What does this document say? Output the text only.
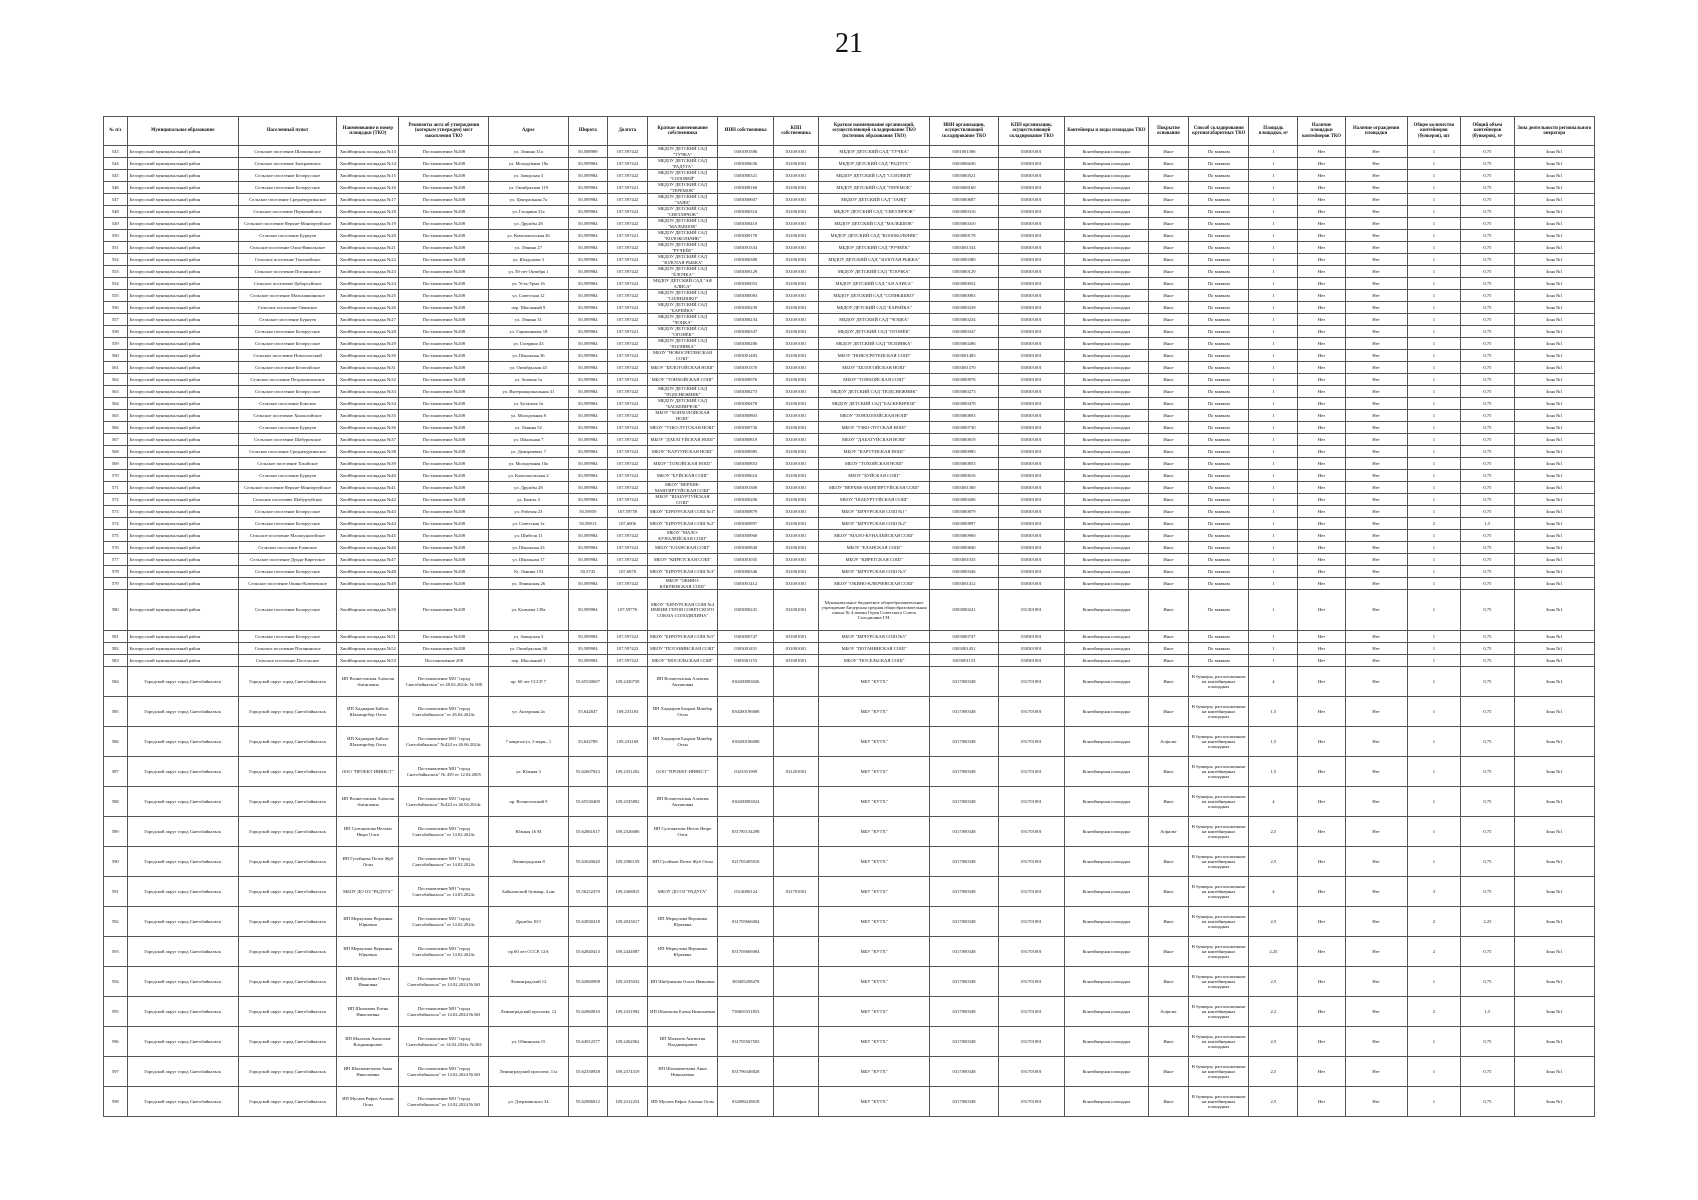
21
№ п/з	Муниципальное образование	Населенный пункт	Наименование и номер площадки (ТКО)	Реквизиты акта об утверждении (которым утвержден) мест накопления ТКО	Адрес	Широта	Долгота	Краткое наименование собственника	ИНН собственника	КПП собственника	Краткое наименование организаций, осуществляющей складирование ТКО (источник образования ТКО)	ИНН организации, осуществляющей складирование ТКО	КПП организации, осуществляющей складирование ТКО	Контейнеры и виды площадок ТКО	Покрытие основания	Способ складирования крупногабаритных ТКО	Площадь площадки, м²	Наличие площадки контейнеров ТКО	Наличие ограждения площадки	Общее количество контейнеров (бункеров), шт	Общий объем контейнеров (бункеров), м³	Зона деятельности регионального оператора
543	Белорусский муниципальный район	Сельское поселение Шапшинское	Хвойбирская площадка №13	Постановление №208	ул. Ленина 31а	50,588989	107,597422	МБДОУ ДЕТСКИЙ САД "ТУЧКА"	0301001586	031001001	МБДОУ ДЕТСКИЙ САД "ТУЧКА"	0301001586	030301001	Контейнерная площадка	Иное	По заявкам	1	Нет	Нет	1	0,75	Зона №1
544	Белорусский муниципальный район	Сельское поселение Заиграевское	Хвойбирская площадка №14	Постановление №208	ул. Молодёжная 18а	50,589984	107,597422	МБДОУ ДЕТСКИЙ САД "РАДУГА"	0303006636	031001001	МБДОУ ДЕТСКИЙ САД "РАДУГА"	0303006636	030301001	Контейнерная площадка	Иное	По заявкам	1	Нет	Нет	1	0,75	Зона №1
545	Белорусский муниципальный район	Сельское поселение Белорусское	Хвойбирская площадка №15	Постановление №208	ул. Заводская 3	50,589984	107,597422	МБДОУ ДЕТСКИЙ САД "СОЛОВЕЙ"	0303000521	031001001	МБДОУ ДЕТСКИЙ САД "СОЛОВЕЙ"	0303000521	030301001	Контейнерная площадка	Иное	По заявкам	1	Нет	Нет	1	0,75	Зона №1
546	Белорусский муниципальный район	Сельское поселение Белорусское	Хвойбирская площадка №16	Постановление №208	ул. Октябрьская 119	50,589984	107,597421	МБДОУ ДЕТСКИЙ САД "ТЕРЕМОК"	0303008160	031001001	МБДОУ ДЕТСКИЙ САД "ТЕРЕМОК"	0303008160	030301001	Контейнерная площадка	Иное	По заявкам	1	Нет	Нет	1	0,75	Зона №1
547	Белорусский муниципальный район	Сельское поселение Среднекуртинское	Хвойбирская площадка №17	Постановление №208	ул. Центральная 7а	50,589984	107,597422	МБДОУ ДЕТСКИЙ САД "ЗАЯЦ"	0303000607	031001001	МБДОУ ДЕТСКИЙ САД "ЗАЯЦ"	0303000607	030301001	Контейнерная площадка	Иное	По заявкам	1	Нет	Нет	1	0,75	Зона №1
548	Белорусский муниципальный район	Сельское поселение Первомайское	Хвойбирская площадка №18	Постановление №208	ул. Гагарина 31а	50,589984	107,597422	МБДОУ ДЕТСКИЙ САД "СВЕТЛЯЧОК"	0303000316	031001001	МБДОУ ДЕТСКИЙ САД "СВЕТЛЯЧОК"	0303000316	030301001	Контейнерная площадка	Иное	По заявкам	1	Нет	Нет	1	0,75	Зона №1
549	Белорусский муниципальный район	Сельское поселение Верхне-Мангиртуйское	Хвойбирская площадка №19	Постановление №208	ул. Дружбы 28	50,589984	107,597422	МБДОУ ДЕТСКИЙ САД "МАЛЫШОК"	0303000410	031001001	МБДОУ ДЕТСКИЙ САД "МАЛЫШОК"	0303000410	030301001	Контейнерная площадка	Иное	По заявкам	1	Нет	Нет	1	0,75	Зона №1
550	Белорусский муниципальный район	Сельское поселение Бурнуев	Хвойбирская площадка №20	Постановление №208	ул. Комсомольская 26	50,589984	107,597421	МБДОУ ДЕТСКИЙ САД "КОЛОКОЛЬЧИК"	0303000178	031001001	МБДОУ ДЕТСКИЙ САД "КОЛОКОЛЬЧИК"	0303000178	030301001	Контейнерная площадка	Иное	По заявкам	1	Нет	Нет	1	0,75	Зона №1
551	Белорусский муниципальный район	Сельское поселение Олон-Никольское	Хвойбирская площадка №21	Постановление №208	ул. Ленина 27	50,589984	107,597422	МБДОУ ДЕТСКИЙ САД "РУЧЕЁК"	0303001334	031001001	МБДОУ ДЕТСКИЙ САД "РУЧЕЁК"	0303001334	030301001	Контейнерная площадка	Иное	По заявкам	1	Нет	Нет	1	0,75	Зона №1
552	Белорусский муниципальный район	Сельское поселение Тонхоийское	Хвойбирская площадка №22	Постановление №208	ул. Юндунова 3	50,589984	107,597422	МБДОУ ДЕТСКИЙ САД "ЗОЛОТАЯ РЫБКА"	0303000380	031001001	МБДОУ ДЕТСКИЙ САД "ЗОЛОТАЯ РЫБКА"	0303000380	030301001	Контейнерная площадка	Иное	По заявкам	1	Нет	Нет	1	0,75	Зона №1
553	Белорусский муниципальный район	Сельское поселение Потанинское	Хвойбирская площадка №23	Постановление №208	ул. 50-лет Октября 1	50,589984	107,597422	МБДОУ ДЕТСКИЙ САД "ЁЛОЧКА"	0303000129	031001001	МБДОУ ДЕТСКИЙ САД "ЁЛОЧКА"	0303000129	030301001	Контейнерная площадка	Иное	По заявкам	1	Нет	Нет	1	0,75	Зона №1
554	Белорусский муниципальный район	Сельское поселение Цаборгуйское	Хвойбирская площадка №24	Постановление №208	ул. Усть-Урма 16	50,589984	107,597422	МБДОУ ДЕТСКИЙ САД "АЯ АЛИСА"	0303000052	031001001	МБДОУ ДЕТСКИЙ САД "АЯ АЛИСА"	0303000052	030301001	Контейнерная площадка	Иное	По заявкам	1	Нет	Нет	1	0,75	Зона №1
555	Белорусский муниципальный район	Сельское поселение Мальхавшинское	Хвойбирская площадка №25	Постановление №208	ул. Советская 12	50,589984	107,597422	МБДОУ ДЕТСКИЙ САД "СОЛНЫШКО"	0303000083	031001001	МБДОУ ДЕТСКИЙ САД "СОЛНЫШКО"	0303000083	030301001	Контейнерная площадка	Иное	По заявкам	1	Нет	Нет	1	0,75	Зона №1
556	Белорусский муниципальный район	Сельское поселение Окинское	Хвойбирская площадка №26	Постановление №208	пер. Школьный 9	50,589984	107,597422	МБДОУ ДЕТСКИЙ САД "БАРЕЙКА"	0303000239	031001001	МБДОУ ДЕТСКИЙ САД "БАРЕЙКА"	0303000239	030301001	Контейнерная площадка	Иное	По заявкам	1	Нет	Нет	1	0,75	Зона №1
557	Белорусский муниципальный район	Сельское поселение Бурнуев	Хвойбирская площадка №27	Постановление №208	ул. Ленина 31	50,589984	107,597422	МБДОУ ДЕТСКИЙ САД "ЧОЦКА"	0303000234	031001001	МБДОУ ДЕТСКИЙ САД "ЧОЦКА"	0303000234	030301001	Контейнерная площадка	Иное	По заявкам	1	Нет	Нет	1	0,75	Зона №1
558	Белорусский муниципальный район	Сельское поселение Белорусское	Хвойбирская площадка №28	Постановление №208	ул. Гармоникова 18	50,589984	107,597421	МБДОУ ДЕТСКИЙ САД "ОГОНЁК"	0303000347	031001001	МБДОУ ДЕТСКИЙ САД "ОГОНЁК"	0303000347	030301001	Контейнерная площадка	Иное	По заявкам	1	Нет	Нет	1	0,75	Зона №1
559	Белорусский муниципальный район	Сельское поселение Белорусское	Хвойбирская площадка №29	Постановление №208	ул. Гагарина 43	50,589984	107,597422	МБДОУ ДЕТСКИЙ САД "ПОЛЯНКА"	0303000286	031001001	МБДОУ ДЕТСКИЙ САД "ПОЛЯНКА"	0303000286	030301001	Контейнерная площадка	Иное	По заявкам	1	Нет	Нет	1	0,75	Зона №1
560	Белорусский муниципальный район	Сельское поселение Новоспасский	Хвойбирская площадка №30	Постановление №208	ул. Школьная 36	50,589984	107,597422	МБОУ "НОВОСРЕТЕНСКАЯ СОШ"	0303001483	031001001	МБОУ "НОВОСРЕТЕНСКАЯ СОШ"	0303001483	030301001	Контейнерная площадка	Иное	По заявкам	1	Нет	Нет	1	0,75	Зона №1
561	Белорусский муниципальный район	Сельское поселение Белогойское	Хвойбирская площадка №31	Постановление №208	ул. Октябрьская 43	50,589984	107,597422	МБОУ "БЕЛОГОЙСКАЯ НОШ"	0303001370	031001001	МБОУ "БЕЛОГОЙСКАЯ НОШ"	0303001370	030301001	Контейнерная площадка	Иное	По заявкам	1	Нет	Нет	1	0,75	Зона №1
562	Белорусский муниципальный район	Сельское поселение Петропавловское	Хвойбирская площадка №32	Постановление №208	ул. Зеленая 1а	50,589984	107,597422	МБОУ "ТОНХОЙСКАЯ СОШ"	0303000976	031001001	МБОУ "ТОНХОЙСКАЯ СОШ"	0303000976	030301001	Контейнерная площадка	Иное	По заявкам	1	Нет	Нет	1	0,75	Зона №1
563	Белорусский муниципальный район	Сельское поселение Белорусское	Хвойбирская площадка №33	Постановление №208	ул. Интернациональная 31	50,589984	107,597422	МБДОУ ДЕТСКИЙ САД "ПОДСНЕЖНИК"	0303000273	031001001	МБДОУ ДЕТСКИЙ САД "ПОДСНЕЖНИК"	0303000273	030301001	Контейнерная площадка	Иное	По заявкам	1	Нет	Нет	1	0,75	Зона №1
564	Белорусский муниципальный район	Сельское поселение Бомское	Хвойбирская площадка №34	Постановление №208	ул. Бутаская 1в	50,589984	107,597422	МБДОУ ДЕТСКИЙ САД "БАСКЕВИЧОК"	0303000478	031001001	МБДОУ ДЕТСКИЙ САД "БАСКЕВИЧОК"	0303000478	030301001	Контейнерная площадка	Иное	По заявкам	1	Нет	Нет	1	0,75	Зона №1
565	Белорусский муниципальный район	Сельское поселение Хонхолойское	Хвойбирская площадка №35	Постановление №208	ул. Молодежная 8	50,589984	107,597422	МБОУ "ХОНХОЛОЙСКАЯ НОШ"	0303000803	031001001	МБОУ "ХОНХОЛОЙСКАЯ НОШ"	0303000803	030301001	Контейнерная площадка	Иное	По заявкам	1	Нет	Нет	1	0,75	Зона №1
566	Белорусский муниципальный район	Сельское поселение Бурнуев	Хвойбирская площадка №36	Постановление №208	ул. Ленина 52	50,589984	107,597422	МБОУ "УЗКО-ЛУГСКАЯ НОШ"	0303000730	031001001	МБОУ "УЗКО-ЛУГСКАЯ НОШ"	0303000730	030301001	Контейнерная площадка	Иное	По заявкам	1	Нет	Нет	1	0,75	Зона №1
567	Белорусский муниципальный район	Сельское поселение Шабуровское	Хвойбирская площадка №37	Постановление №208	ул. Школьная 7	50,589984	107,597422	МБОУ "ДАБАТУЙСКАЯ НОШ"	0303000819	031001001	МБОУ "ДАБАТУЙСКАЯ НОШ"	0303000819	030301001	Контейнерная площадка	Иное	По заявкам	1	Нет	Нет	1	0,75	Зона №1
568	Белорусский муниципальный район	Сельское поселение Среднекуртинское	Хвойбирская площадка №38	Постановление №208	ул. Дмитриевых 7	50,589984	107,597422	МБОУ "КАРТУНСКАЯ НОШ"	0303000985	031001001	МБОУ "КАРТУНСКАЯ НОШ"	0303000985	030301001	Контейнерная площадка	Иное	По заявкам	1	Нет	Нет	1	0,75	Зона №1
569	Белорусский муниципальный район	Сельское поселение Тохойское	Хвойбирская площадка №39	Постановление №208	ул. Молодежная 10а	50,589984	107,597422	МБОУ "ТОХОЙСКАЯ НОШ"	0303000853	031001001	МБОУ "ТОХОЙСКАЯ НОШ"	0303000853	030301001	Контейнерная площадка	Иное	По заявкам	1	Нет	Нет	1	0,75	Зона №1
570	Белорусский муниципальный район	Сельское поселение Бурнуев	Хвойбирская площадка №40	Постановление №208	ул. Комсомольская 2	50,589984	107,597422	МБОУ "БУЙСКАЯ СОШ"	0303000616	031001001	МБОУ "БУЙСКАЯ СОШ"	0303000616	030301001	Контейнерная площадка	Иное	По заявкам	1	Нет	Нет	1	0,75	Зона №1
571	Белорусский муниципальный район	Сельское поселение Верхне-Мангиртуйское	Хвойбирская площадка №41	Постановление №208	ул. Дружбы 28	50,589984	107,597422	МБОУ "ВЕРХНЕ-МАНГИРТУЙСКАЯ СОШ"	0303001300	031001001	МБОУ "ВЕРХНЕ-МАНГИРТУЙСКАЯ СОШ"	0303001300	030301001	Контейнерная площадка	Иное	По заявкам	1	Нет	Нет	1	0,75	Зона №1
572	Белорусский муниципальный район	Сельское поселение Шабуртуйское	Хвойбирская площадка №42	Постановление №208	ул. Бамгы 4	50,589984	107,597422	МБОУ "ШАБУРТУЙСКАЯ СОШ"	0303000206	031001001	МБОУ "ШАБУРТУЙСКАЯ СОШ"	0303000206	030301001	Контейнерная площадка	Иное	По заявкам	1	Нет	Нет	1	0,75	Зона №1
573	Белорусский муниципальный район	Сельское поселение Белорусское	Хвойбирская площадка №43	Постановление №208	ул. Рабочая 23	50,58959	107,59759	МБОУ "БИЧУРСКАЯ СОШ №1"	0303000879	031001001	МБОУ "БИЧУРСКАЯ СОШ №1"	0303000879	030301001	Контейнерная площадка	Иное	По заявкам	1	Нет	Нет	1	0,75	Зона №1
574	Белорусский муниципальный район	Сельское поселение Белорусское	Хвойбирская площадка №44	Постановление №208	ул. Советская 1а	50,58913	107,6006	МБОУ "БИЧУРСКАЯ СОШ №2"	0303000897	031001001	МБОУ "БИЧУРСКАЯ СОШ №2"	0303000897	030301001	Контейнерная площадка	Иное	По заявкам	1	Нет	Нет	2	1,5	Зона №1
575	Белорусский муниципальный район	Сельское поселение Малокуналейское	Хвойбирская площадка №45	Постановление №208	ул. Шибеля 11	50,589984	107,597422	МБОУ "МАЛО-КУНАЛЕЙСКАЯ СОШ"	0303000960	031001001	МБОУ "МАЛО-КУНАЛЕЙСКАЯ СОШ"	0303000960	030301001	Контейнерная площадка	Иное	По заявкам	1	Нет	Нет	1	0,75	Зона №1
576	Белорусский муниципальный район	Сельское поселение Еланское	Хвойбирская площадка №46	Постановление №208	ул. Школьная 23	50,589984	107,597422	МБОУ "ЕЛАНСКАЯ СОШ"	0303000840	031001001	МБОУ "ЕЛАНСКАЯ СОШ"	0303000840	030301001	Контейнерная площадка	Иное	По заявкам	1	Нет	Нет	1	0,75	Зона №1
577	Белорусский муниципальный район	Сельское поселение Дунда-Киретское	Хвойбирская площадка №47	Постановление №208	ул. Школьная 17	50,589984	107,597422	МБОУ "КИРЕТСКАЯ СОШ"	0303001035	031001001	МБОУ "КИРЕТСКАЯ СОШ"	0303001035	030301001	Контейнерная площадка	Иное	По заявкам	1	Нет	Нет	1	0,75	Зона №1
578	Белорусский муниципальный район	Сельское поселение Белорусское	Хвойбирская площадка №48	Постановление №208	Ул. Ленина 153	50,5745	107,6078	МБОУ "БИЧУРСКАЯ СОШ №3"	0303000346	031001001	МБОУ "БИЧУРСКАЯ СОШ №3"	0303000346	030301001	Контейнерная площадка	Иное	По заявкам	1	Нет	Нет	1	0,75	Зона №1
579	Белорусский муниципальный район	Сельское поселение Окино-Ключевское	Хвойбирская площадка №49	Постановление №208	ул. Ленинская 26	50,589984	107,597422	МБОУ "ОКИНО-КЛЮЧЕВСКАЯ СОШ"	0303001412	031001001	МБОУ "ОКИНО-КЛЮЧЕВСКАЯ СОШ"	0303001412	030301001	Контейнерная площадка	Иное	По заявкам	1	Нет	Нет	1	0,75	Зона №1
580	Белорусский муниципальный район	Сельское поселение Белорусское	Хвойбирская площадка №50	Постановление №208	ул. Климова 139а	50,589984	107,59776	МБОУ "БИЧУРСКАЯ СОШ №4 ИМЕНИ ГЕРОЯ СОВЕТСКОГО СОЮЗА СОЛОДИЛИНА"	0303000241	031001001	Муниципальное бюджетное общеобразовательное учреждение Бичурская средняя общеобразовательная школа № 4 имени Героя Советского Союза Солодилина Г.Н.	0303000241	031301001	Контейнерная площадка	Иное	По заявкам	1	Нет	Нет	1	0,75	Зона №1
581	Белорусский муниципальный район	Сельское поселение Белорусское	Хвойбирская площадка №51	Постановление №208	ул. Заводская 3	50,589984	107,597422	МБОУ "БИЧУРСКАЯ СОШ №5"	0303000747	031001001	МБОУ "БИЧУРСКАЯ СОШ №5"	0303000747	030301001	Контейнерная площадка	Иное	По заявкам	1	Нет	Нет	1	0,75	Зона №1
582	Белорусский муниципальный район	Сельское поселение Потанинское	Хвойбирская площадка №52	Постановление №208	ул. Октябрьская 38	50,589984	107,597422	МБОУ "ПОТАНИНСКАЯ СОШ"	0303001451	031001001	МБОУ "ПОТАНИНСКАЯ СОШ"	0303001451	030301001	Контейнерная площадка	Иное	По заявкам	1	Нет	Нет	1	0,75	Зона №1
583	Белорусский муниципальный район	Сельское поселение Посельское	Хвойбирская площадка №53	Постановление 208	пер. Школьный 1	50,589984	107,597422	МБОУ "МОСЕЛЬСКАЯ СОШ"	0303001153	031001001	МБОУ "ПОСЕЛЬСКАЯ СОШ"	0303001153	030301001	Контейнерная площадка	Иное	По заявкам	1	Нет	Нет	1	0,75	Зона №1
584	Городской округ город Снегобайкальск	Городской округ город Снегобайкальск	ИП Вознесенская Алексия Антиповна	Постановление МО "город Снегобайкальск" от 28.02.2024г. № 690	пр. 60 лет СССР 7	55,65530607	109,2430739	ИП Вознесенская Алексия Антиповна	030200083026		МБУ "КУТХ"	0317000348	031701001	Контейнерная площадка	Иное	В бункеры, расположенные на контейнерных площадках	4	Нет	Нет	1	0,75	Зона №1
585	Городской округ город Снегобайкальск	Городской округ город Снегобайкальск	ИП Хадмаров Байсат Шахмиргбер Олгы	Постановление МО "город Снегобайкальск" от 26.04.2024г.	ул. Ангарская 2а	55,642847	109,233183	ИП Хадмаров Бахрам Мамбер Оглы	030200196008		МБУ "КУТХ"	0317000348	031701001	Контейнерная площадка	Иное	В бункеры, расположенные на контейнерных площадках	1,5	Нет	Нет	1	0,75	Зона №1
586	Городской округ город Снегобайкальск	Городской округ город Снегобайкальск	ИП Хадмаров Байсат Шахмиргбер Олгы	Постановление МО "город Снегобайкальск" №424 от 26.06.2024г.	7 квартал/ул. 3 мкрн., 1	55,642789	109,233169	ИП Хадмаров Бахрам Мамбер Оглы	030200196008		МБУ "КУТХ"	0317000348	031701001	Контейнерная площадка	Асфальт	В бункеры, расположенные на контейнерных площадках	1,5	Нет	Нет	1	0,75	Зона №1
587	Городской округ город Снегобайкальск	Городской округ город Снегобайкальск	ООО "ПРОЕКТ ИНВЕСТ"	Постановление МО "город Снегобайкальск" № 459 от 12.04.2005	ул. Южная 3	55,62607823	109,2351202	ООО "ПРОЕКТ-ИНВЕСТ"	0323351909	031201001	МБУ "КУТХ"	0317000348	031701001	Контейнерная площадка	Иное	В бункеры, расположенные на контейнерных площадках	1,5	Нет	Нет	1	0,75	Зона №1
588	Городской округ город Снегобайкальск	Городской округ город Снегобайкальск	ИП Вознесенская Алексия Антиповна	Постановление МО "город Снегобайкальск" №424 от 26.04.2024г.	пр. Вознесенский 9	55,65530409	109,2335802	ИП Вознесенская Алексия Антиповна	030200083024		МБУ "КУТХ"	0317000348	031701001	Контейнерная площадка	Иное	В бункеры, расположенные на контейнерных площадках	4	Нет	Нет	1	0,75	Зона №1
589	Городской округ город Снегобайкальск	Городской округ город Снегобайкальск	ИП Султанатова Нельмо Нюро Олги	Постановление МО "город Снегобайкальск" от 14.02.2024г.	Южная 16 М	55,62861617	109,2326686	ИП Султанатова Нелло Нюро Олги	031785134298		МБУ "КУТХ"	0317000348	031701001	Контейнерная площадка	Асфальт	В бункеры, расположенные на контейнерных площадках	2,5	Нет	Нет	1	0,75	Зона №1
590	Городской округ город Снегобайкальск	Городской округ город Снегобайкальск	ИП Гусейнова Потит Жуб Оглы	Постановление МО "город Снегобайкальск" от 14.02.2024г.	Ленинградская 8	55,63620620	109,2586159	ИП Гусейнов Потит Жуб Оглы	021705405010		МБУ "КУТХ"	0317000348	031701001	Контейнерная площадка	Иное	В бункеры, расположенные на контейнерных площадках	2,5	Нет	Нет	1	0,75	Зона №1
591	Городской округ город Снегобайкальск	Городской округ город Снегобайкальск	МБОУ ДО ОЗ "РАДУГА"	Постановление МО "город Снегобайкальск" от 14.05.2024г.	Байкальский бульвар, 4 нм	55,56252470	109,2368815	МБОУ ДО ОЗ "РАДУГА"	0314006124	031701001	МБУ "КУТХ"	0317000348	031701001	Контейнерная площадка	Иное	В бункеры, расположенные на контейнерных площадках	4	Нет	Нет	3	0,75	Зона №1
592	Городской округ город Снегобайкальск	Городской округ город Снегобайкальск	ИП Меркулова Вероника Юрьевна	Постановление МО "город Снегобайкальск" от 14.02.2024г.	Дружбы 10/1	55,62830418	109,2023617	ИП Меркулова Вероника Юрьевна	031705666004		МБУ "КУТХ"	0317000348	031701001	Контейнерная площадка	Иное	В бункеры, расположенные на контейнерных площадках	2,5	Нет	Нет	2	2,25	Зона №1
593	Городской округ город Снегобайкальск	Городской округ город Снегобайкальск	ИП Меркулова Вероника Юрьевна	Постановление МО "город Снегобайкальск" от 14.02.2024г.	пр 60 лет СССР, 12А	55,62840413	109,2444087	ИП Меркулова Вероника Юрьевна	031705666004		МБУ "КУТХ"	0317000348	031701001	Контейнерная площадка	Иное	В бункеры, расположенные на контейнерных площадках	2,25	Нет	Нет	2	0,75	Зона №1
594	Городской округ город Снегобайкальск	Городской округ город Снегобайкальск	ИП Шибушкова Ольга Ивановна	Постановление МО "город Снегобайкальск" от 14.02.2024 №363	Ленинградский 12	55,62860908	109,2335032	ИП Шибушкова Ольга Ивановна	383405208478		МБУ "КУТХ"	0317000348	031701001	Контейнерная площадка	Иное	В бункеры, расположенные на контейнерных площадках	2,5	Нет	Нет	1	0,75	Зона №1
595	Городской округ город Снегобайкальск	Городской округ город Снегобайкальск	ИП Шпатнова Елена Николаевна	Постановление МО "город Снегобайкальск" от 14.02.2024 №363	Ленинградский проспект, 12	55,62860810	109,2331992	ИП Шпатнова Елена Николаевна	730605331853		МБУ "КУТХ"	0317000348	031701001	Контейнерная площадка	Асфальт	В бункеры, расположенные на контейнерных площадках	2,2	Нет	Нет	2	1,5	Зона №1
596	Городской округ город Снегобайкальск	Городской округ город Снегобайкальск	ИП Малахов Антиохия Владимирович	Постановление МО "город Снегобайкальск" от 14.02.2024г. №363	ул. Обнинская 15	55,64912577	109,2262062	ИП Малахов Антиохия Владимирович	031705567503		МБУ "КУТХ"	0317000348	031701001	Контейнерная площадка	Иное	В бункеры, расположенные на контейнерных площадках	2,5	Нет	Нет	1	0,75	Зона №1
597	Городской округ город Снегобайкальск	Городской округ город Снегобайкальск	ИП Шахмаметьева Анна Николаевна	Постановление МО "город Снегобайкальск" от 14.02.2024 №363	Ленинградский проспект, 11а	55,62330928	109,2374319	ИП Шахмаметьева Анна Николаевна	031796346828		МБУ "КУТХ"	0317000348	031701001	Контейнерная площадка	Иное	В бункеры, расположенные на контейнерных площадках	2,5	Нет	Нет	1	0,75	Зона №1
598	Городской округ город Снегобайкальск	Городской округ город Снегобайкальск	ИП Мусаев Рафиз Алихан Оглы	Постановление МО "город Снегобайкальск" от 14.02.2024 №363	ул. Дзержинского 34	55,62986812	109,2312254	ИП Мусаев Рафиз Алихан Оглы	032006418618		МБУ "КУТХ"	0317000348	031701001	Контейнерная площадка	Иное	В бункеры, расположенные на контейнерных площадках	2,5	Нет	Нет	1	0,75	Зона №1
